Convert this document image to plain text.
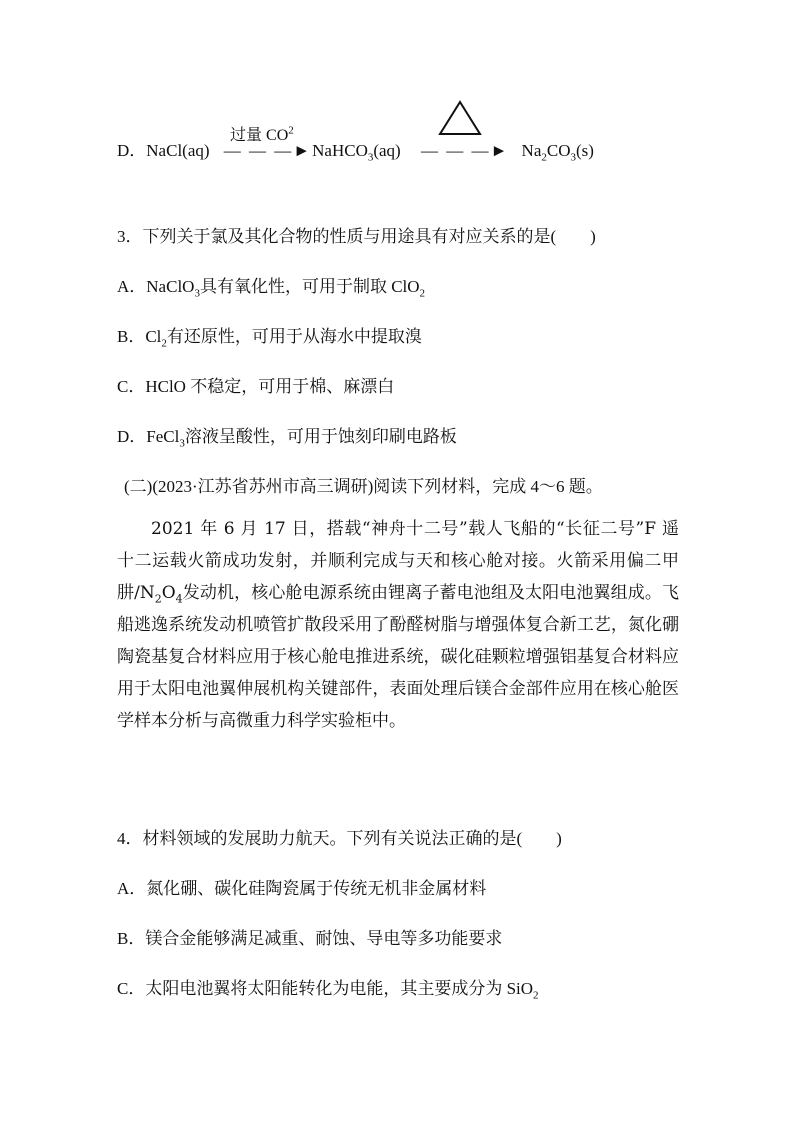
D．NaCl(aq) — — —►NaHCO$_3$(aq) — — —► $Na_2CO_3(s)$
过量 $CO^2$
3．下列关于氯及其化合物的性质与用途具有对应关系的是(　　)
A．NaClO$_3$具有氧化性，可用于制取 ClO$_2$
B．$Cl_2$有还原性，可用于从海水中提取溴
C．HClO 不稳定，可用于棉、麻漂白
D．FeCl$_3$溶液呈酸性，可用于蚀刻印刷电路板
(二)(2023·江苏省苏州市高三调研)阅读下列材料，完成 4～6 题。

2021 年 6 月 17 日，搭载“神舟十二号”载人飞船的“长征二号”F 遥十二运载火箭成功发射，并顺利完成与天和核心舱对接。火箭采用偏二甲肼$/N_2O_4$发动机，核心舱电源系统由锂离子蓄电池组及太阳电池翼组成。飞船逃逸系统发动机喷管扩散段采用了酚醛树脂与增强体复合新工艺，氮化硼陶瓷基复合材料应用于核心舱电推进系统，碳化硅颗粒增强铝基复合材料应用于太阳电池翼伸展机构关键部件，表面处理后镁合金部件应用在核心舱医学样本分析与高微重力科学实验柜中。

4．材料领域的发展助力航天。下列有关说法正确的是(　　)
A．氮化硼、碳化硅陶瓷属于传统无机非金属材料
B．镁合金能够满足减重、耐蚀、导电等多功能要求
C．太阳电池翼将太阳能转化为电能，其主要成分为 SiO$_2$
